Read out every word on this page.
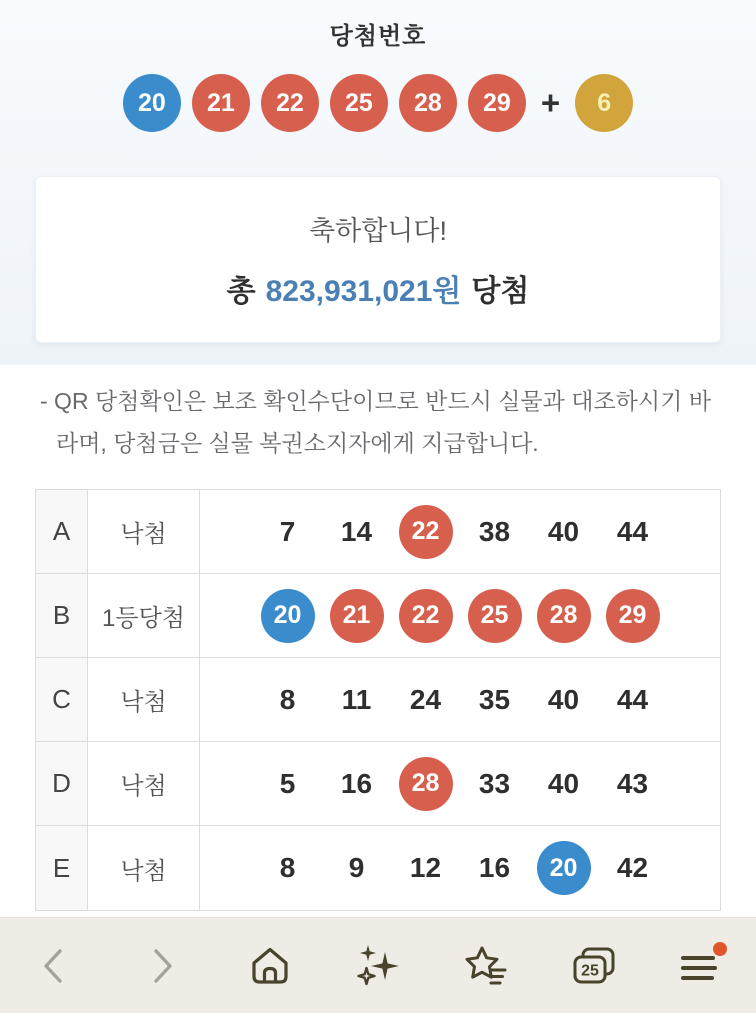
당첨번호
20	21	22	25	28	29 +	6
축하합니다!
총 823,931,021원 당첨
- QR 당첨확인은 보조 확인수단이므로 반드시 실물과 대조하시기 바라며, 당첨금은 실물 복권소지자에게 지급합니다.
A	낙첨	7 14	22	38 40 44
B	1등당첨	20	21	22	25	28	29
C	낙첨	8 11 24 35 40 44
D	낙첨	5 16	28	33 40 43
E	낙첨	8 9 12 16	20	42
25
